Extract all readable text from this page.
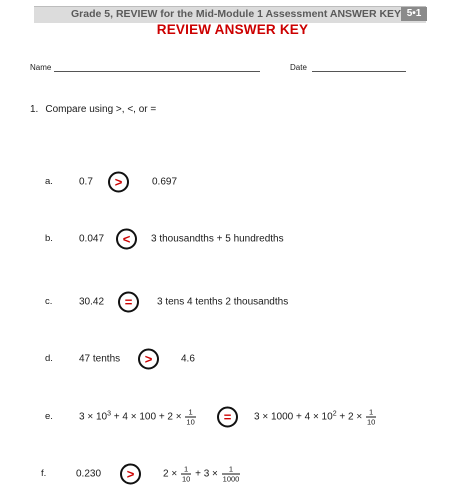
Grade 5, REVIEW for the Mid-Module 1 Assessment ANSWER KEY 5•1
REVIEW ANSWER KEY
Name	Date
1. Compare using >, <, or =
a.	0.7	>	0.697
b.	0.047	<	3 thousandths + 5 hundredths
c.	30.42	=	3 tens 4 tenths 2 thousandths
d.	47 tenths	>	4.6
e.	$3 \times 10^3 + 4 \times 100 + 2 \times \frac{1}{10}$	=	$3 \times 1000 + 4 \times 10^2 + 2 \times \frac{1}{10}$
f.	0.230	>	$2 \times \frac{1}{10} + 3 \times \frac{1}{1000}$
